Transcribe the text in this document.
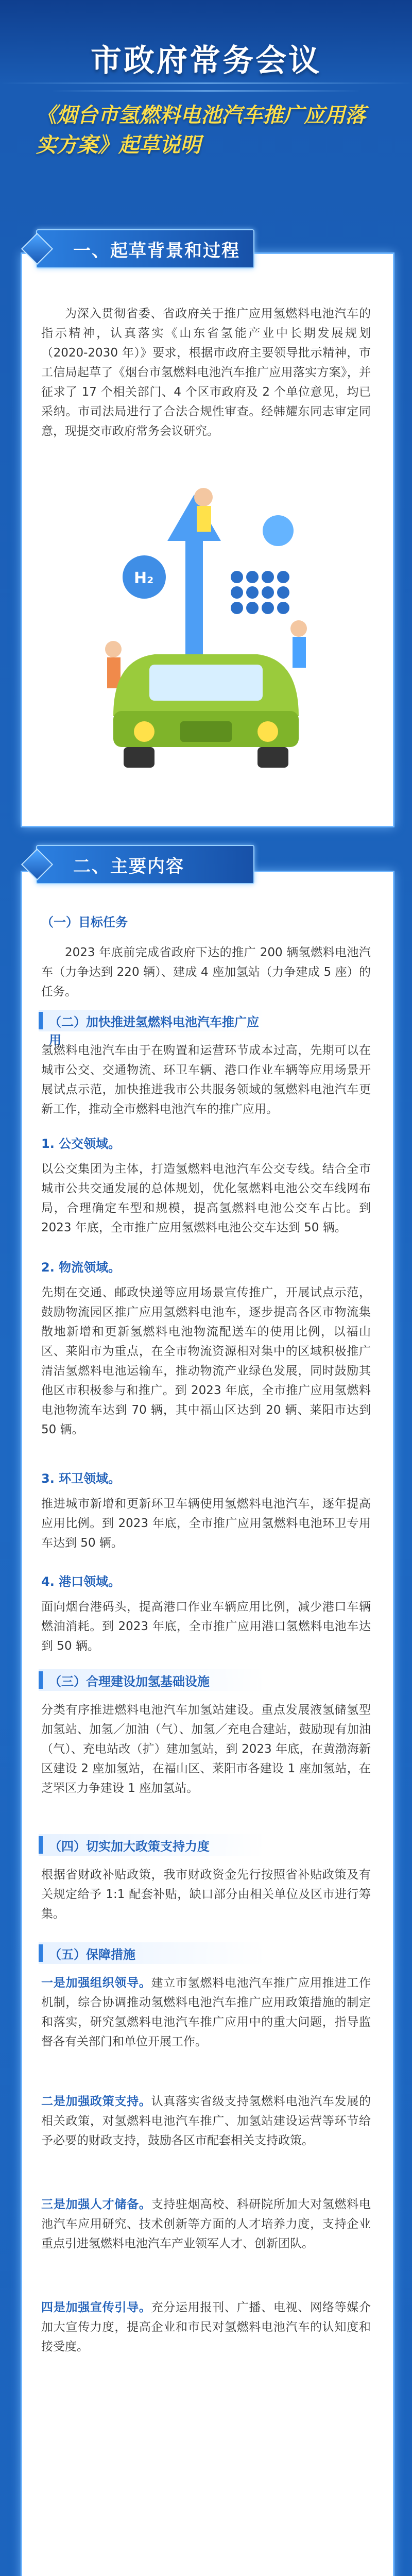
市政府常务会议
《烟台市氢燃料电池汽车推广应用落实方案》起草说明
一、起草背景和过程
为深入贯彻省委、省政府关于推广应用氢燃料电池汽车的指示精神，认真落实《山东省氢能产业中长期发展规划（2020-2030 年）》要求，根据市政府主要领导批示精神，市工信局起草了《烟台市氢燃料电池汽车推广应用落实方案》，并征求了 17 个相关部门、4 个区市政府及 2 个单位意见，均已采纳。市司法局进行了合法合规性审查。经韩耀东同志审定同意，现提交市政府常务会议研究。
H₂
二、主要内容
（一）目标任务
2023 年底前完成省政府下达的推广 200 辆氢燃料电池汽车（力争达到 220 辆）、建成 4 座加氢站（力争建成 5 座）的任务。
（二）加快推进氢燃料电池汽车推广应用
氢燃料电池汽车由于在购置和运营环节成本过高，先期可以在城市公交、交通物流、环卫车辆、港口作业车辆等应用场景开展试点示范，加快推进我市公共服务领域的氢燃料电池汽车更新工作，推动全市燃料电池汽车的推广应用。
1. 公交领域。
以公交集团为主体，打造氢燃料电池汽车公交专线。结合全市城市公共交通发展的总体规划，优化氢燃料电池公交车线网布局，合理确定车型和规模，提高氢燃料电池公交车占比。到 2023 年底，全市推广应用氢燃料电池公交车达到 50 辆。
2. 物流领域。
先期在交通、邮政快递等应用场景宣传推广，开展试点示范，鼓励物流园区推广应用氢燃料电池车，逐步提高各区市物流集散地新增和更新氢燃料电池物流配送车的使用比例，以福山区、莱阳市为重点，在全市物流资源相对集中的区域积极推广清洁氢燃料电池运输车，推动物流产业绿色发展，同时鼓励其他区市积极参与和推广。到 2023 年底，全市推广应用氢燃料电池物流车达到 70 辆，其中福山区达到 20 辆、莱阳市达到 50 辆。
3. 环卫领域。
推进城市新增和更新环卫车辆使用氢燃料电池汽车，逐年提高应用比例。到 2023 年底，全市推广应用氢燃料电池环卫专用车达到 50 辆。
4. 港口领域。
面向烟台港码头，提高港口作业车辆应用比例，减少港口车辆燃油消耗。到 2023 年底，全市推广应用港口氢燃料电池车达到 50 辆。
（三）合理建设加氢基础设施
分类有序推进燃料电池汽车加氢站建设。重点发展液氢储氢型加氢站、加氢／加油（气）、加氢／充电合建站，鼓励现有加油（气）、充电站改（扩）建加氢站，到 2023 年底，在黄渤海新区建设 2 座加氢站，在福山区、莱阳市各建设 1 座加氢站，在芝罘区力争建设 1 座加氢站。
（四）切实加大政策支持力度
根据省财政补贴政策，我市财政资金先行按照省补贴政策及有关规定给予 1:1 配套补贴，缺口部分由相关单位及区市进行筹集。
（五）保障措施
一是加强组织领导。建立市氢燃料电池汽车推广应用推进工作机制，综合协调推动氢燃料电池汽车推广应用政策措施的制定和落实，研究氢燃料电池汽车推广应用中的重大问题，指导监督各有关部门和单位开展工作。
二是加强政策支持。认真落实省级支持氢燃料电池汽车发展的相关政策，对氢燃料电池汽车推广、加氢站建设运营等环节给予必要的财政支持，鼓励各区市配套相关支持政策。
三是加强人才储备。支持驻烟高校、科研院所加大对氢燃料电池汽车应用研究、技术创新等方面的人才培养力度，支持企业重点引进氢燃料电池汽车产业领军人才、创新团队。
四是加强宣传引导。充分运用报刊、广播、电视、网络等媒介加大宣传力度，提高企业和市民对氢燃料电池汽车的认知度和接受度。
